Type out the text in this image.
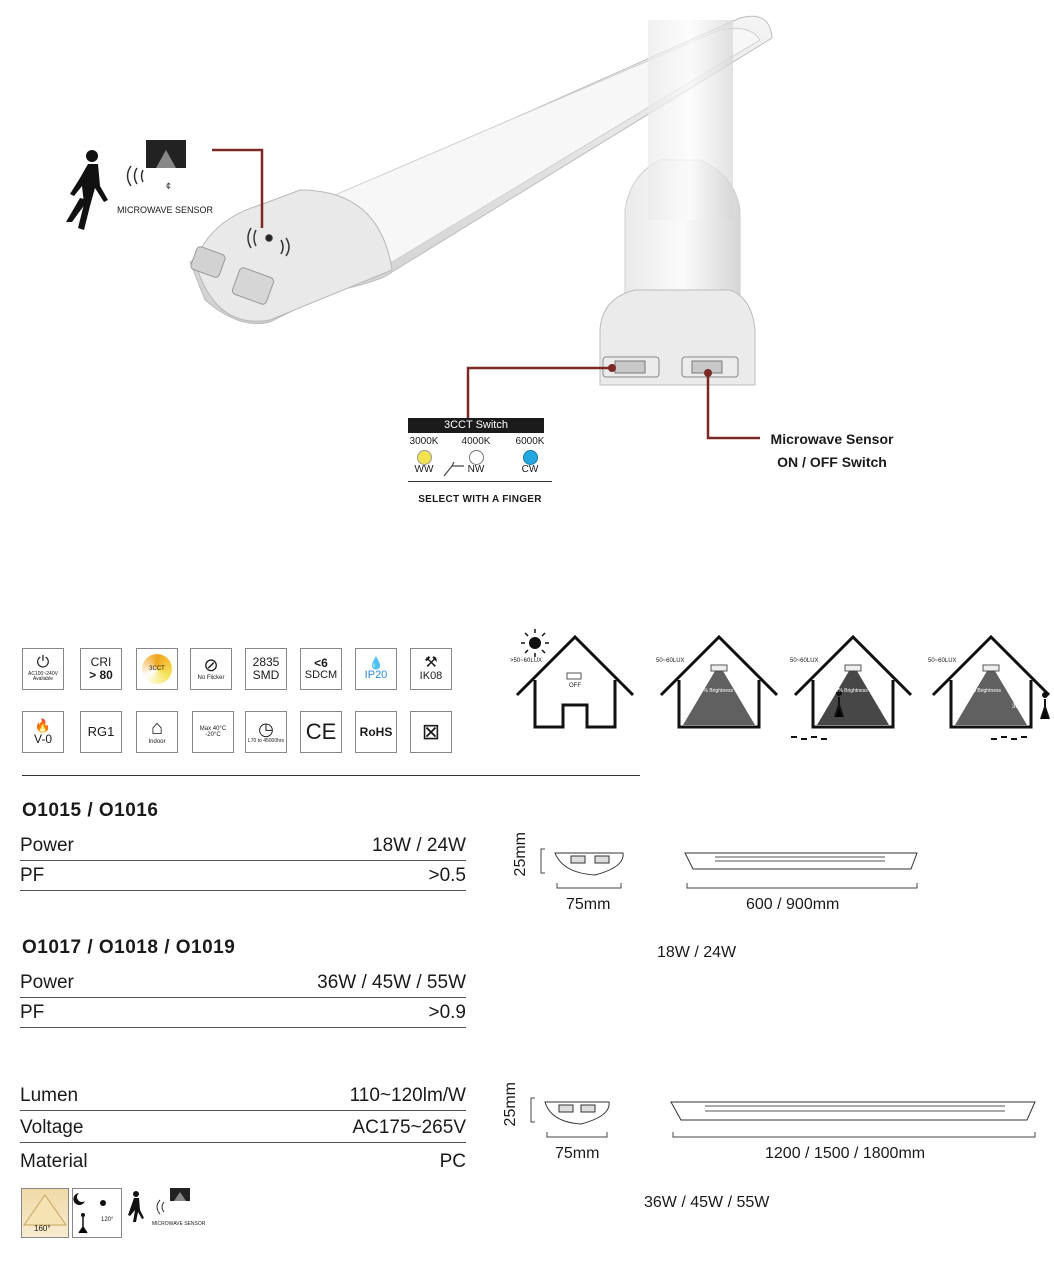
MICROWAVE SENSOR
¢
3CCT Switch
3000K	4000K	6000K
WW	NW	CW
SELECT WITH A FINGER
Microwave Sensor
ON / OFF Switch
⏻
AC100~240V Available
CRI
> 80	3CCT	⊘
No Flicker
2835
SMD
<6
SDCM
💧
IP20
⚒
IK08
🔥
V-0	RG1 ⌂
Indoor
Max 40°C
-20°C ◷
L70 to 45000hrs CE RoHS ⊠
>50~60LUX
OFF
50~60LUX
20% Brightness
50~60LUX
100% Brightness
50~60LUX
30S
20% Brightness
O1015 / O1016
Power	18W / 24W
PF	>0.5
O1017 / O1018 / O1019
Power	36W / 45W / 55W
PF	>0.9
Lumen	110~120lm/W
Voltage	AC175~265V
Material	PC
25mm
75mm	600 / 900mm
18W / 24W
25mm
75mm	1200 / 1500 / 1800mm
36W / 45W / 55W
160°
120°
MICROWAVE SENSOR
